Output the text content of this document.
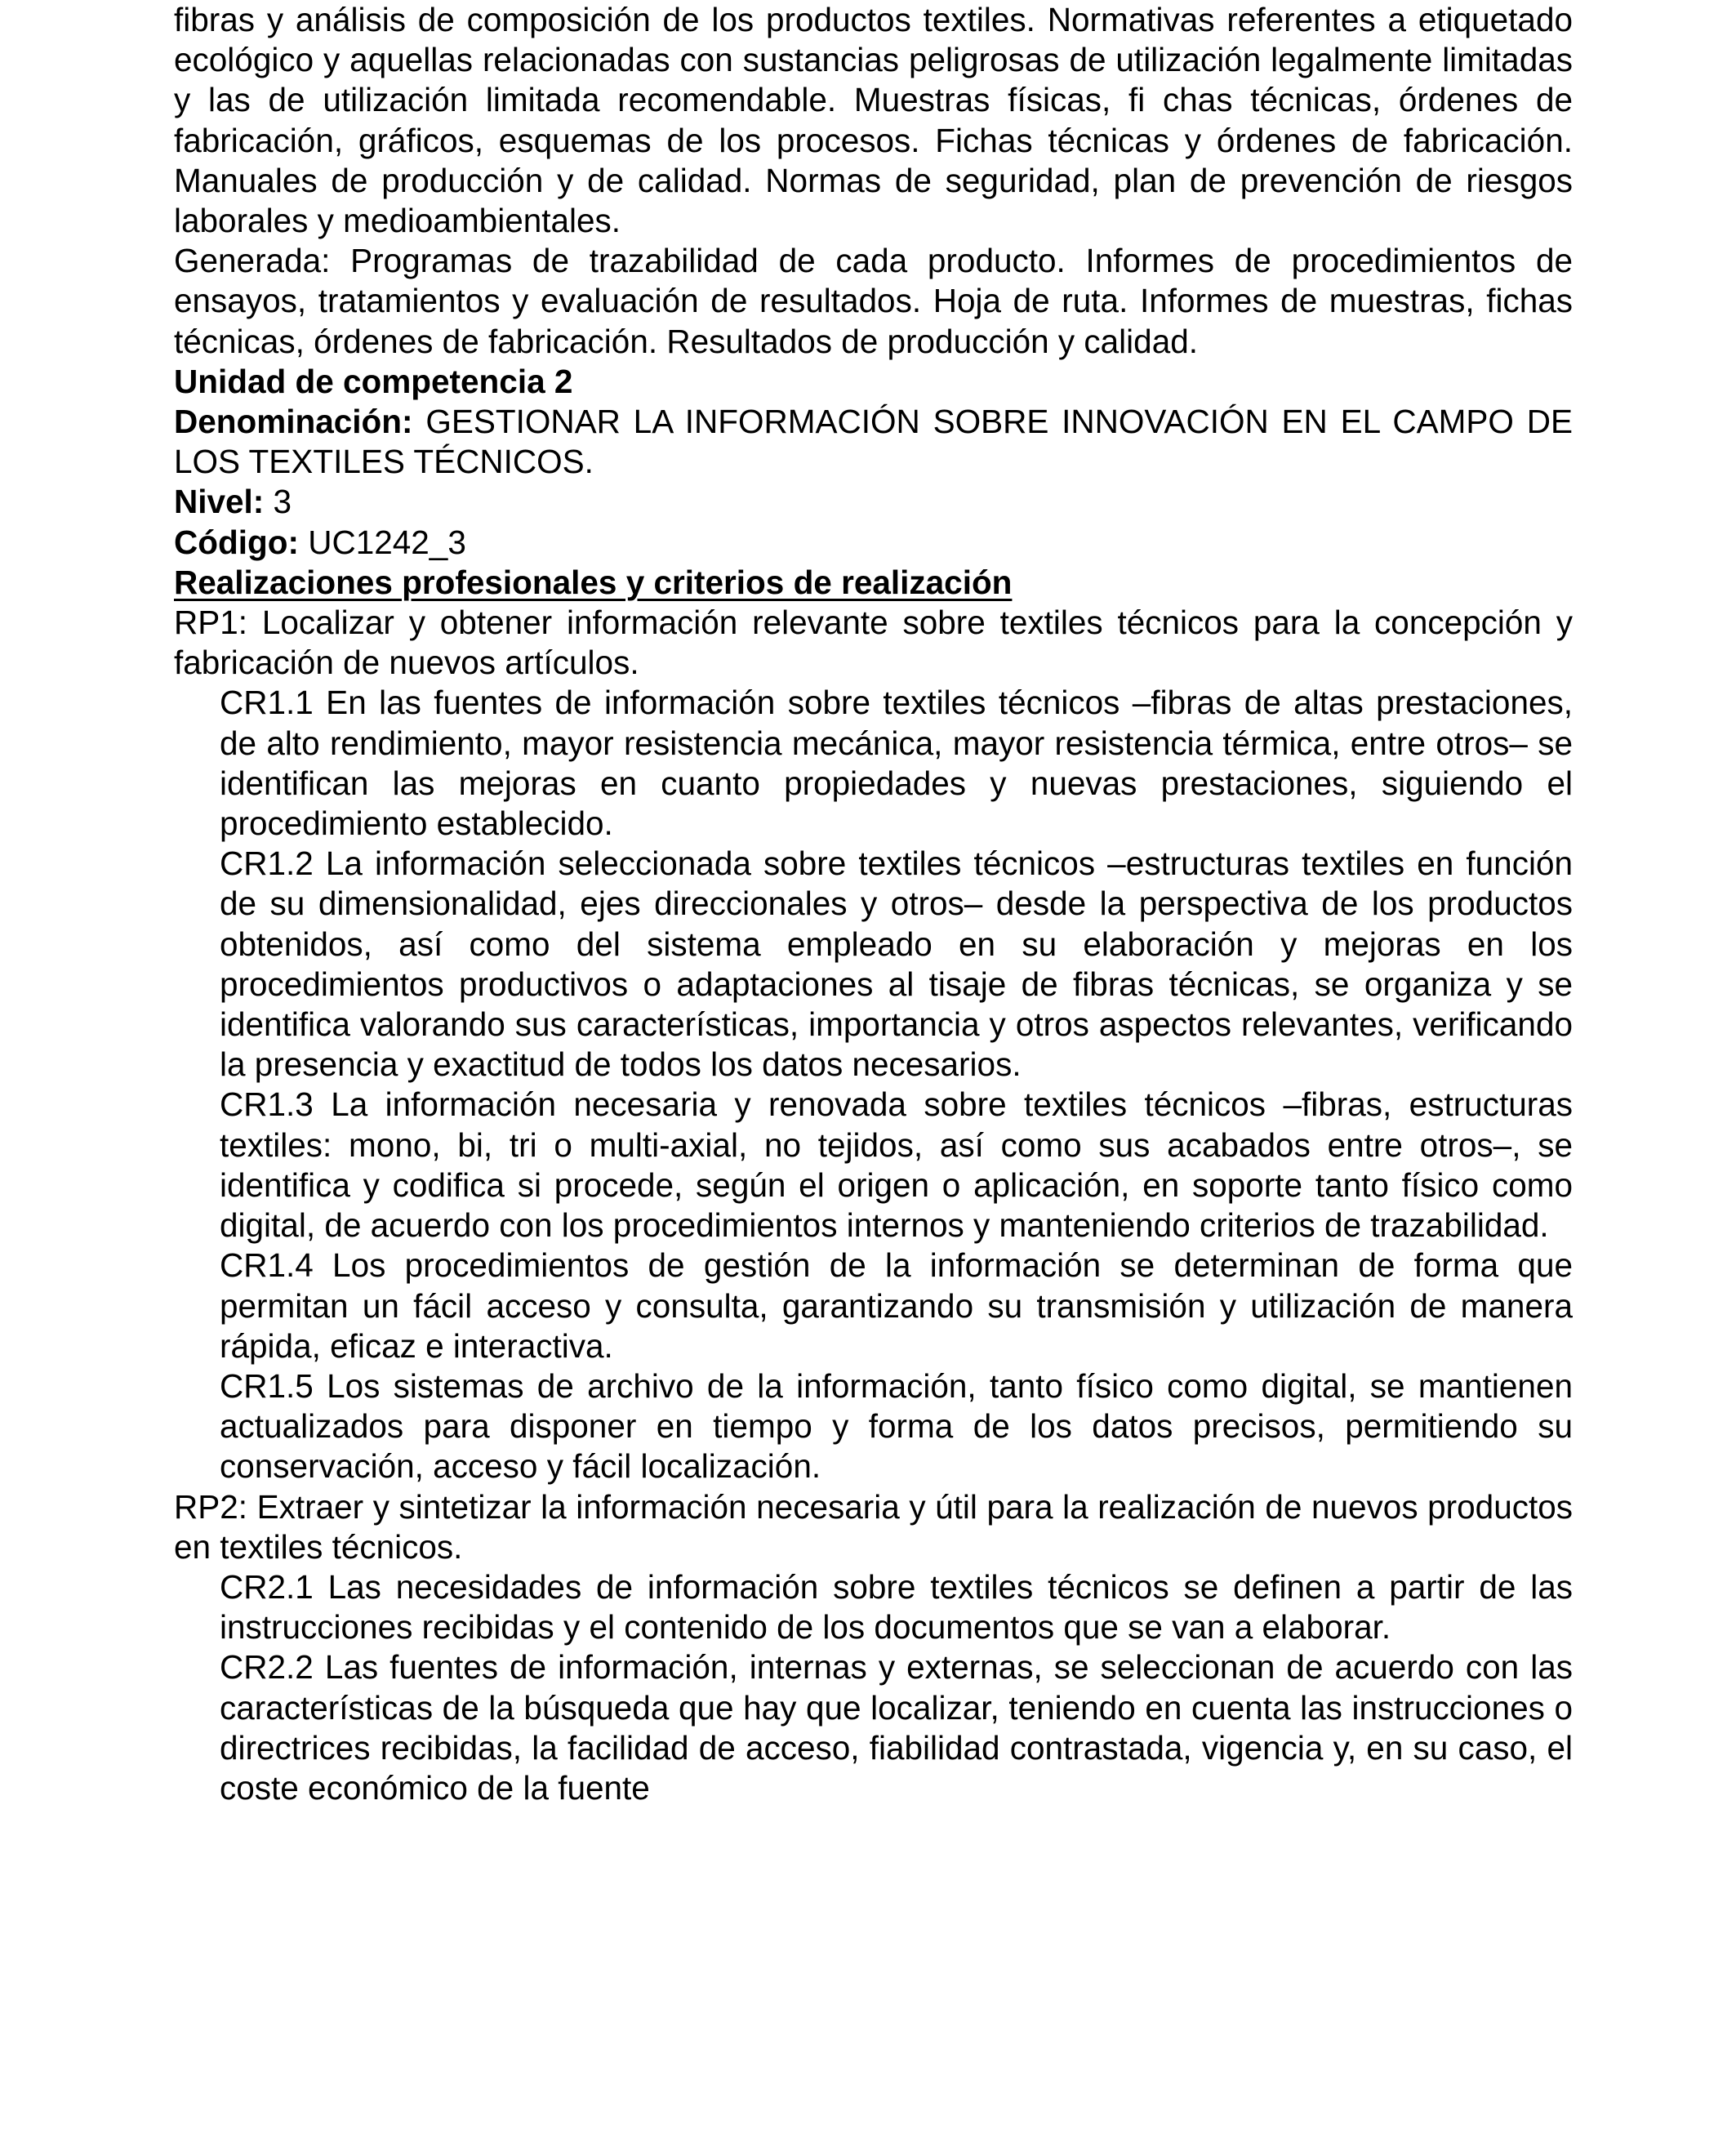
fibras y análisis de composición de los productos textiles. Normativas referentes a etiquetado ecológico y aquellas relacionadas con sustancias peligrosas de utilización legalmente limitadas y las de utilización limitada recomendable. Muestras físicas, fi chas técnicas, órdenes de fabricación, gráficos, esquemas de los procesos. Fichas técnicas y órdenes de fabricación. Manuales de producción y de calidad. Normas de seguridad, plan de prevención de riesgos laborales y medioambientales.

Generada: Programas de trazabilidad de cada producto. Informes de procedimientos de ensayos, tratamientos y evaluación de resultados. Hoja de ruta. Informes de muestras, fichas técnicas, órdenes de fabricación. Resultados de producción y calidad.

Unidad de competencia 2

Denominación: GESTIONAR LA INFORMACIÓN SOBRE INNOVACIÓN EN EL CAMPO DE LOS TEXTILES TÉCNICOS.

Nivel: 3

Código: UC1242_3

Realizaciones profesionales y criterios de realización

RP1: Localizar y obtener información relevante sobre textiles técnicos para la concepción y fabricación de nuevos artículos.

CR1.1 En las fuentes de información sobre textiles técnicos –fibras de altas prestaciones, de alto rendimiento, mayor resistencia mecánica, mayor resistencia térmica, entre otros– se identifican las mejoras en cuanto propiedades y nuevas prestaciones, siguiendo el procedimiento establecido.

CR1.2 La información seleccionada sobre textiles técnicos –estructuras textiles en función de su dimensionalidad, ejes direccionales y otros– desde la perspectiva de los productos obtenidos, así como del sistema empleado en su elaboración y mejoras en los procedimientos productivos o adaptaciones al tisaje de fibras técnicas, se organiza y se identifica valorando sus características, importancia y otros aspectos relevantes, verificando la presencia y exactitud de todos los datos necesarios.

CR1.3 La información necesaria y renovada sobre textiles técnicos –fibras, estructuras textiles: mono, bi, tri o multi-axial, no tejidos, así como sus acabados entre otros–, se identifica y codifica si procede, según el origen o aplicación, en soporte tanto físico como digital, de acuerdo con los procedimientos internos y manteniendo criterios de trazabilidad.

CR1.4 Los procedimientos de gestión de la información se determinan de forma que permitan un fácil acceso y consulta, garantizando su transmisión y utilización de manera rápida, eficaz e interactiva.

CR1.5 Los sistemas de archivo de la información, tanto físico como digital, se mantienen actualizados para disponer en tiempo y forma de los datos precisos, permitiendo su conservación, acceso y fácil localización.

RP2: Extraer y sintetizar la información necesaria y útil para la realización de nuevos productos en textiles técnicos.

CR2.1 Las necesidades de información sobre textiles técnicos se definen a partir de las instrucciones recibidas y el contenido de los documentos que se van a elaborar.

CR2.2 Las fuentes de información, internas y externas, se seleccionan de acuerdo con las características de la búsqueda que hay que localizar, teniendo en cuenta las instrucciones o directrices recibidas, la facilidad de acceso, fiabilidad contrastada, vigencia y, en su caso, el coste económico de la fuente
